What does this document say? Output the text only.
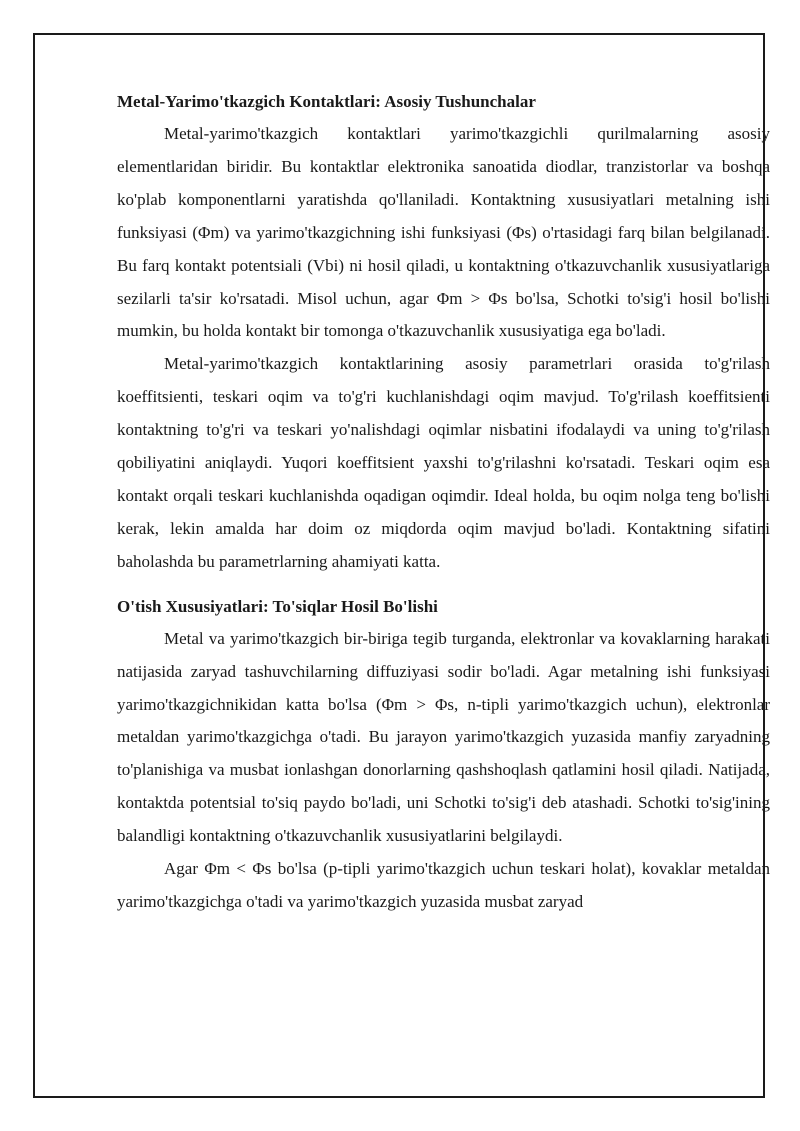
Metal-Yarimo'tkazgich Kontaktlari: Asosiy Tushunchalar

Metal-yarimo'tkazgich kontaktlari yarimo'tkazgichli qurilmalarning asosiy elementlaridan biridir. Bu kontaktlar elektronika sanoatida diodlar, tranzistorlar va boshqa ko'plab komponentlarni yaratishda qo'llaniladi. Kontaktning xususiyatlari metalning ishi funksiyasi (Φm) va yarimo'tkazgichning ishi funksiyasi (Φs) o'rtasidagi farq bilan belgilanadi. Bu farq kontakt potentsiali (Vbi) ni hosil qiladi, u kontaktning o'tkazuvchanlik xususiyatlariga sezilarli ta'sir ko'rsatadi. Misol uchun, agar Φm > Φs bo'lsa, Schotki to'sig'i hosil bo'lishi mumkin, bu holda kontakt bir tomonga o'tkazuvchanlik xususiyatiga ega bo'ladi.

Metal-yarimo'tkazgich kontaktlarining asosiy parametrlari orasida to'g'rilash koeffitsienti, teskari oqim va to'g'ri kuchlanishdagi oqim mavjud. To'g'rilash koeffitsienti kontaktning to'g'ri va teskari yo'nalishdagi oqimlar nisbatini ifodalaydi va uning to'g'rilash qobiliyatini aniqlaydi. Yuqori koeffitsient yaxshi to'g'rilashni ko'rsatadi. Teskari oqim esa kontakt orqali teskari kuchlanishda oqadigan oqimdir. Ideal holda, bu oqim nolga teng bo'lishi kerak, lekin amalda har doim oz miqdorda oqim mavjud bo'ladi. Kontaktning sifatini baholashda bu parametrlarning ahamiyati katta.

O'tish Xususiyatlari: To'siqlar Hosil Bo'lishi

Metal va yarimo'tkazgich bir-biriga tegib turganda, elektronlar va kovaklarning harakati natijasida zaryad tashuvchilarning diffuziyasi sodir bo'ladi. Agar metalning ishi funksiyasi yarimo'tkazgichnikidan katta bo'lsa (Φm > Φs, n-tipli yarimo'tkazgich uchun), elektronlar metaldan yarimo'tkazgichga o'tadi. Bu jarayon yarimo'tkazgich yuzasida manfiy zaryadning to'planishiga va musbat ionlashgan donorlarning qashshoqlash qatlamini hosil qiladi. Natijada, kontaktda potentsial to'siq paydo bo'ladi, uni Schotki to'sig'i deb atashadi. Schotki to'sig'ining balandligi kontaktning o'tkazuvchanlik xususiyatlarini belgilaydi.

Agar Φm < Φs bo'lsa (p-tipli yarimo'tkazgich uchun teskari holat), kovaklar metaldan yarimo'tkazgichga o'tadi va yarimo'tkazgich yuzasida musbat zaryad
